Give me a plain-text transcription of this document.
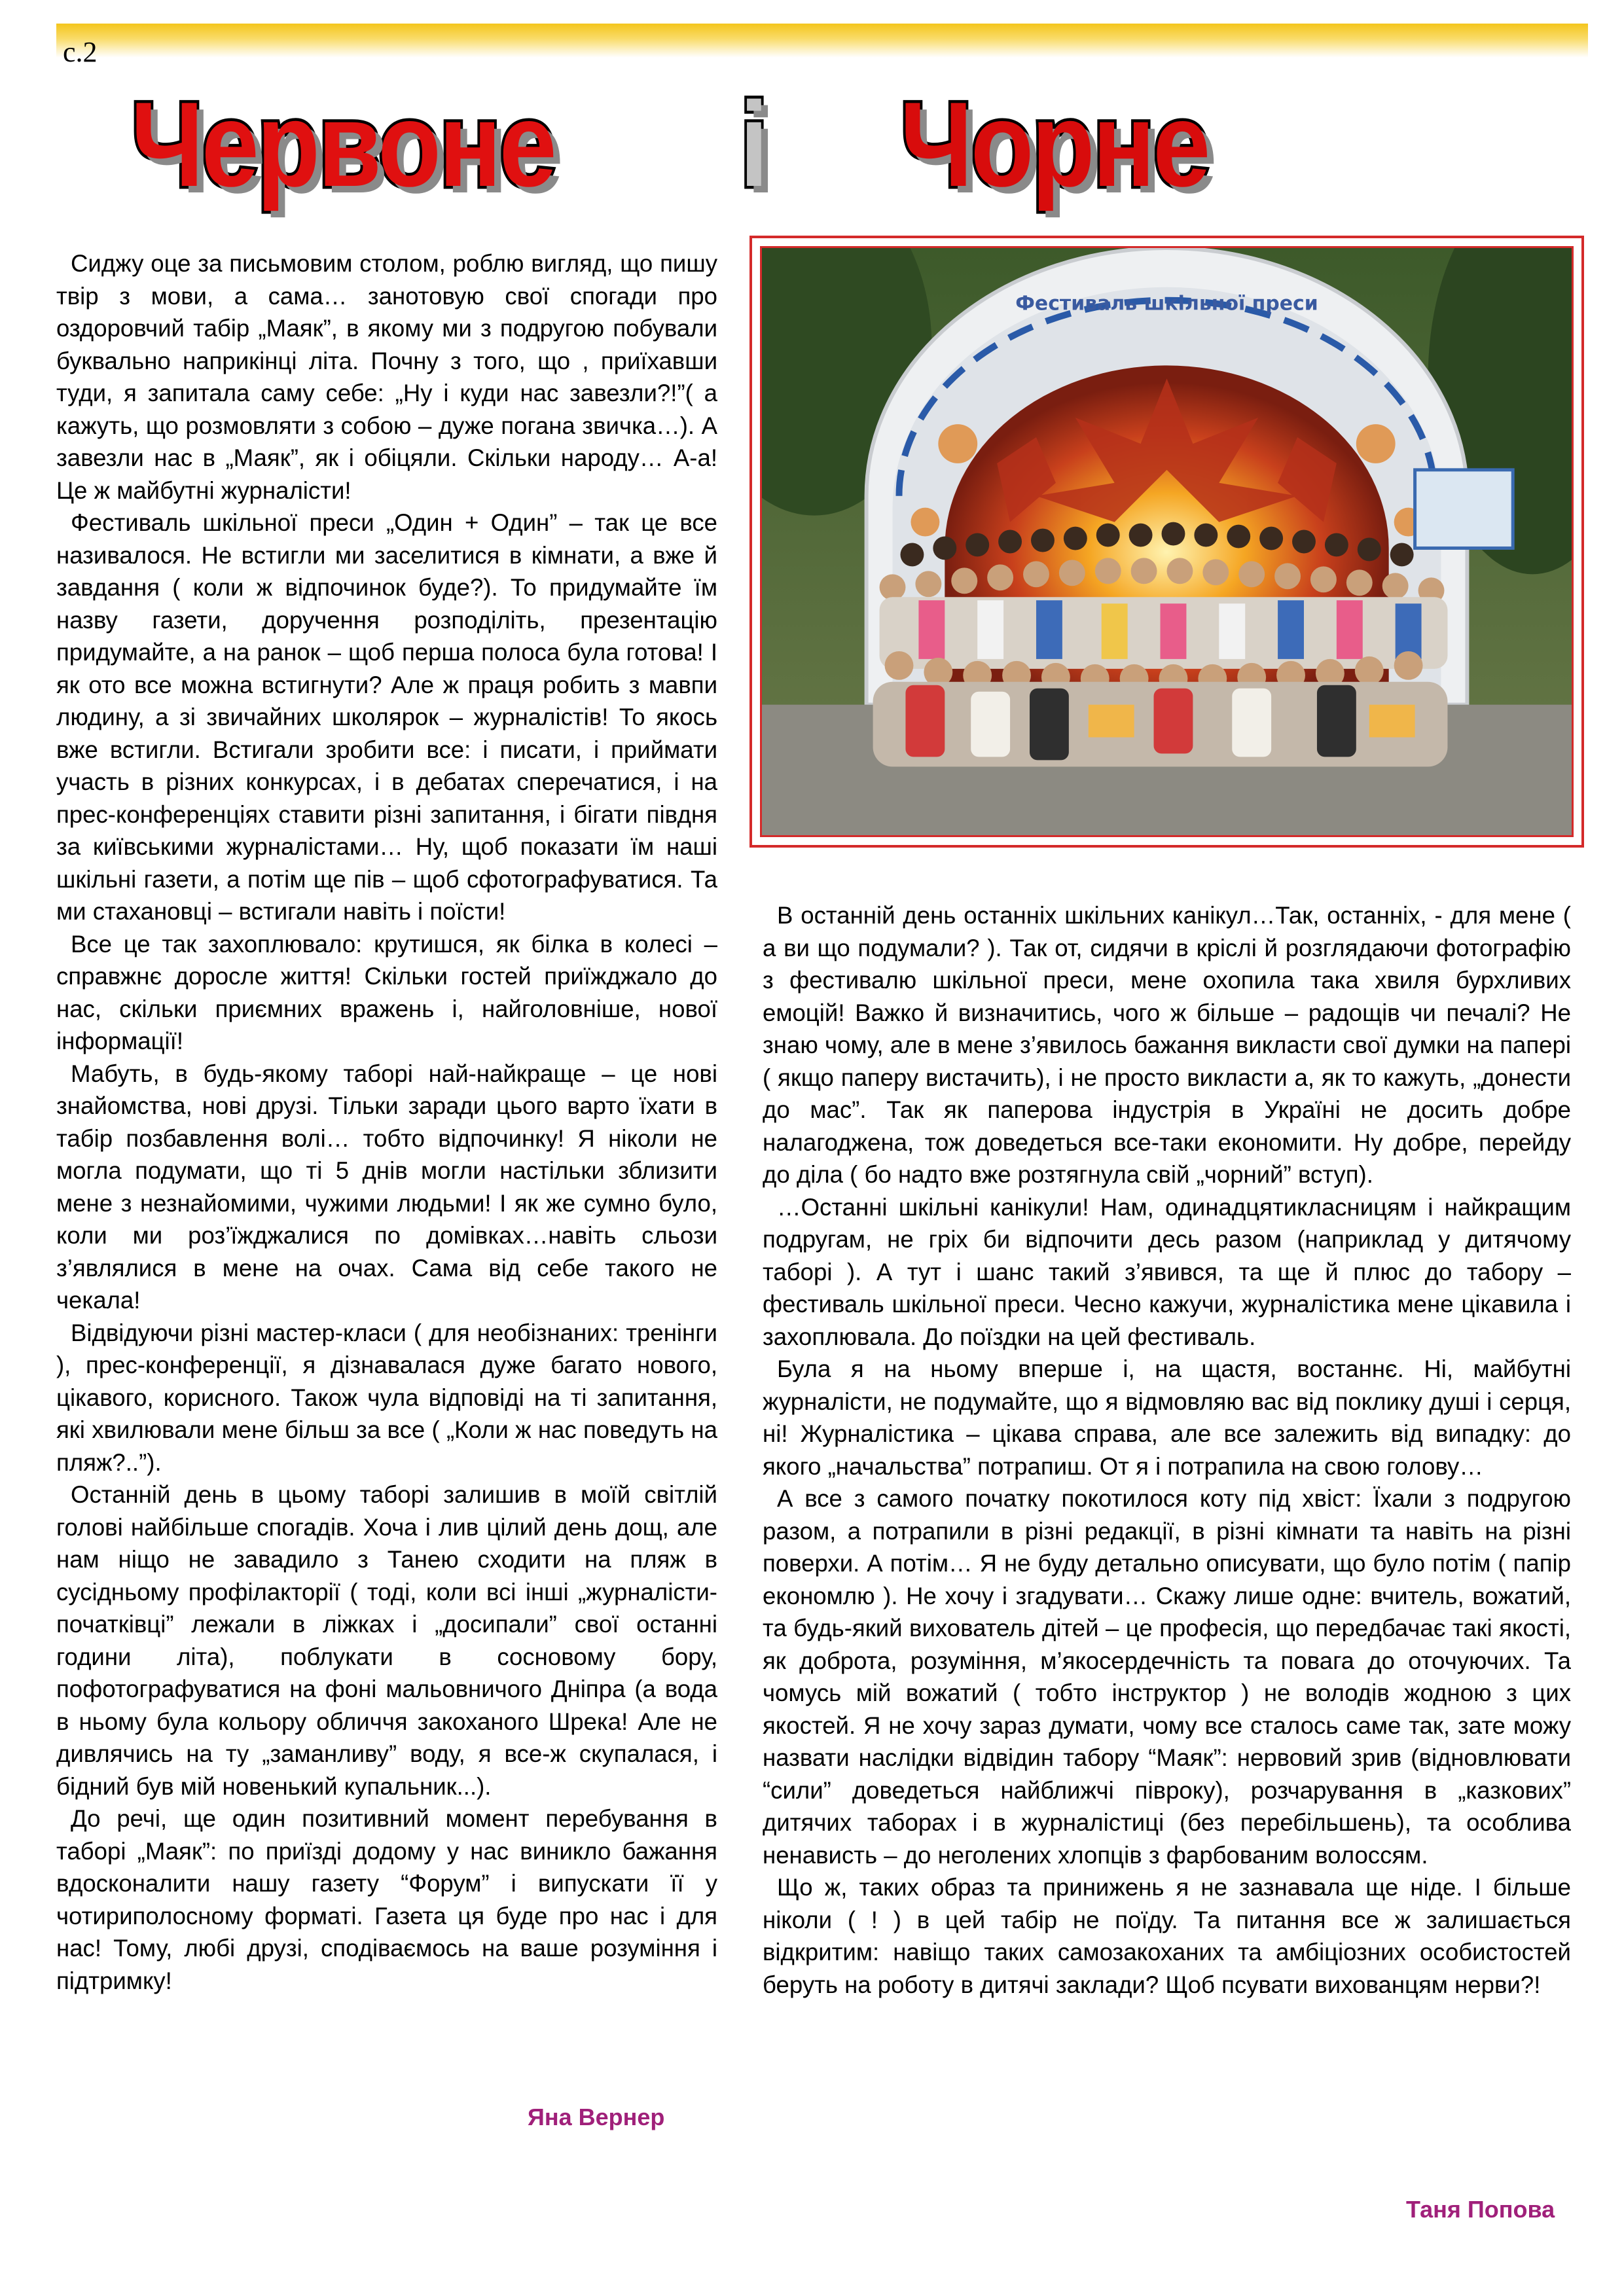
с.2
Червоне і Чорне

Сиджу оце за письмовим столом, роблю вигляд, що пишу твір з мови, а сама… занотовую свої спогади про оздоровчий табір „Маяк”, в якому ми з подругою побували буквально наприкінці літа. Почну з того, що , приїхавши туди, я запитала саму себе: „Ну і куди нас завезли?!”( а кажуть, що розмовляти з собою – дуже погана звичка…). А завезли нас в „Маяк”, як і обіцяли. Скільки народу… А-а! Це ж майбутні журналісти!

Фестиваль шкільної преси „Один + Один” – так це все називалося. Не встигли ми заселитися в кімнати, а вже й завдання ( коли ж відпочинок буде?). То придумайте їм назву газети, доручення розподіліть, презентацію придумайте, а на ранок – щоб перша полоса була готова! І як ото все можна встигнути? Але ж праця робить з мавпи людину, а зі звичайних школярок – журналістів! То якось вже встигли. Встигали зробити все: і писати, і приймати участь в різних конкурсах, і в дебатах сперечатися, і на прес-конференціях ставити різні запитання, і бігати півдня за київськими журналістами… Ну, щоб показати їм наші шкільні газети, а потім ще пів – щоб сфотографуватися. Та ми стахановці – встигали навіть і поїсти!

Все це так захоплювало: крутишся, як білка в колесі – справжнє доросле життя! Скільки гостей приїжджало до нас, скільки приємних вражень і, найголовніше, нової інформації!

Мабуть, в будь-якому таборі най-найкраще – це нові знайомства, нові друзі. Тільки заради цього варто їхати в табір позбавлення волі… тобто відпочинку! Я ніколи не могла подумати, що ті 5 днів могли настільки зблизити мене з незнайомими, чужими людьми! І як же сумно було, коли ми роз’їжджалися по домівках…навіть сльози з’являлися в мене на очах. Сама від себе такого не чекала!

Відвідуючи різні мастер-класи ( для необізнаних: тренінги ), прес-конференції, я дізнавалася дуже багато нового, цікавого, корисного. Також чула відповіді на ті запитання, які хвилювали мене більш за все ( „Коли ж нас поведуть на пляж?..”).

Останній день в цьому таборі залишив в моїй світлій голові найбільше спогадів. Хоча і лив цілий день дощ, але нам ніщо не завадило з Танею сходити на пляж в сусідньому профілакторії ( тоді, коли всі інші „журналісти-початківці” лежали в ліжках і „досипали” свої останні години літа), поблукати в сосновому бору, пофотографуватися на фоні мальовничого Дніпра (а вода в ньому була кольору обличчя закоханого Шрека! Але не дивлячись на ту „заманливу” воду, я все-ж скупалася, і бідний був мій новенький купальник...).

До речі, ще один позитивний момент перебування в таборі „Маяк”: по приїзді додому у нас виникло бажання вдосконалити нашу газету “Форум” і випускати її у чотириполосному форматі. Газета ця буде про нас і для нас! Тому, любі друзі, сподіваємось на ваше розуміння і підтримку!

Яна Вернер
Фестиваль шкільної преси

В останній день останніх шкільних канікул…Так, останніх, - для мене ( а ви що подумали? ). Так от, сидячи в кріслі й розглядаючи фотографію з фестивалю шкільної преси, мене охопила така хвиля бурхливих емоцій! Важко й визначитись, чого ж більше – радощів чи печалі? Не знаю чому, але в мене з’явилось бажання викласти свої думки на папері ( якщо паперу вистачить), і не просто викласти а, як то кажуть, „донести до мас”. Так як паперова індустрія в Україні не досить добре налагоджена, тож доведеться все-таки економити. Ну добре, перейду до діла ( бо надто вже розтягнула свій „чорний” вступ).

…Останні шкільні канікули! Нам, одинадцятикласницям і найкращим подругам, не гріх би відпочити десь разом (наприклад у дитячому таборі ). А тут і шанс такий з’явився, та ще й плюс до табору – фестиваль шкільної преси. Чесно кажучи, журналістика мене цікавила і захоплювала. До поїздки на цей фестиваль.

Була я на ньому вперше і, на щастя, востаннє. Ні, майбутні журналісти, не подумайте, що я відмовляю вас від поклику душі і серця, ні! Журналістика – цікава справа, але все залежить від випадку: до якого „начальства” потрапиш. От я і потрапила на свою голову…

А все з самого початку покотилося коту під хвіст: Їхали з подругою разом, а потрапили в різні редакції, в різні кімнати та навіть на різні поверхи. А потім… Я не буду детально описувати, що було потім ( папір економлю ). Не хочу і згадувати… Скажу лише одне: вчитель, вожатий, та будь-який вихователь дітей – це професія, що передбачає такі якості, як доброта, розуміння, м’якосердечність та повага до оточуючих. Та чомусь мій вожатий ( тобто інструктор ) не володів жодною з цих якостей. Я не хочу зараз думати, чому все сталось саме так, зате можу назвати наслідки відвідин табору “Маяк”: нервовий зрив (відновлювати “сили” доведеться найближчі півроку), розчарування в „казкових” дитячих таборах і в журналістиці (без перебільшень), та особлива ненависть – до неголених хлопців з фарбованим волоссям.

Що ж, таких образ та принижень я не зазнавала ще ніде. І більше ніколи ( ! ) в цей табір не поїду. Та питання все ж залишається відкритим: навіщо таких самозакоханих та амбіціозних особистостей беруть на роботу в дитячі заклади? Щоб псувати вихованцям нерви?!

Таня Попова
